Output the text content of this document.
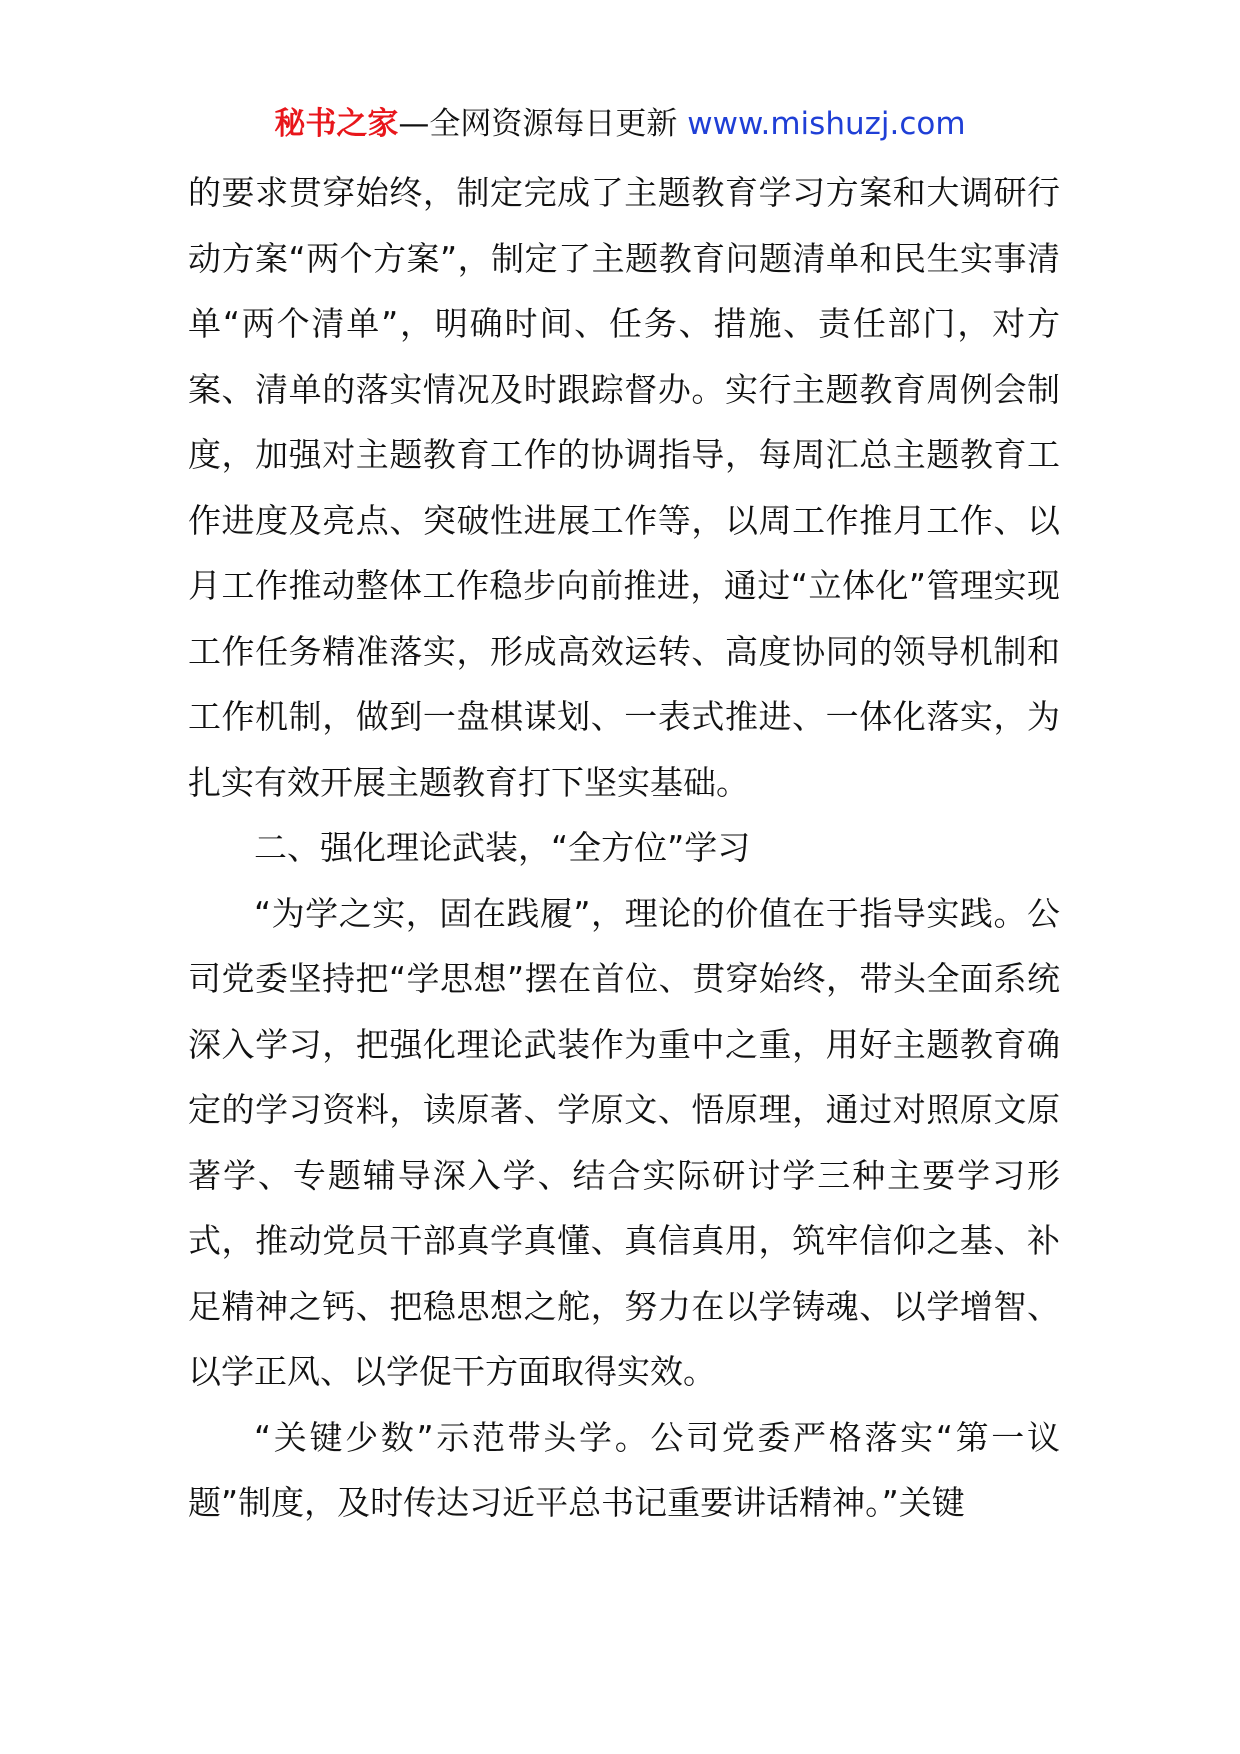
秘书之家—全网资源每日更新 www.mishuzj.com

的要求贯穿始终，制定完成了主题教育学习方案和大调研行动方案“两个方案”，制定了主题教育问题清单和民生实事清单“两个清单”，明确时间、任务、措施、责任部门，对方案、清单的落实情况及时跟踪督办。实行主题教育周例会制度，加强对主题教育工作的协调指导，每周汇总主题教育工作进度及亮点、突破性进展工作等，以周工作推月工作、以月工作推动整体工作稳步向前推进，通过“立体化”管理实现工作任务精准落实，形成高效运转、高度协同的领导机制和工作机制，做到一盘棋谋划、一表式推进、一体化落实，为扎实有效开展主题教育打下坚实基础。

二、强化理论武装，“全方位”学习

“为学之实，固在践履”，理论的价值在于指导实践。公司党委坚持把“学思想”摆在首位、贯穿始终，带头全面系统深入学习，把强化理论武装作为重中之重，用好主题教育确定的学习资料，读原著、学原文、悟原理，通过对照原文原著学、专题辅导深入学、结合实际研讨学三种主要学习形式，推动党员干部真学真懂、真信真用，筑牢信仰之基、补足精神之钙、把稳思想之舵，努力在以学铸魂、以学增智、以学正风、以学促干方面取得实效。

“关键少数”示范带头学。公司党委严格落实“第一议题”制度，及时传达习近平总书记重要讲话精神。”关键
